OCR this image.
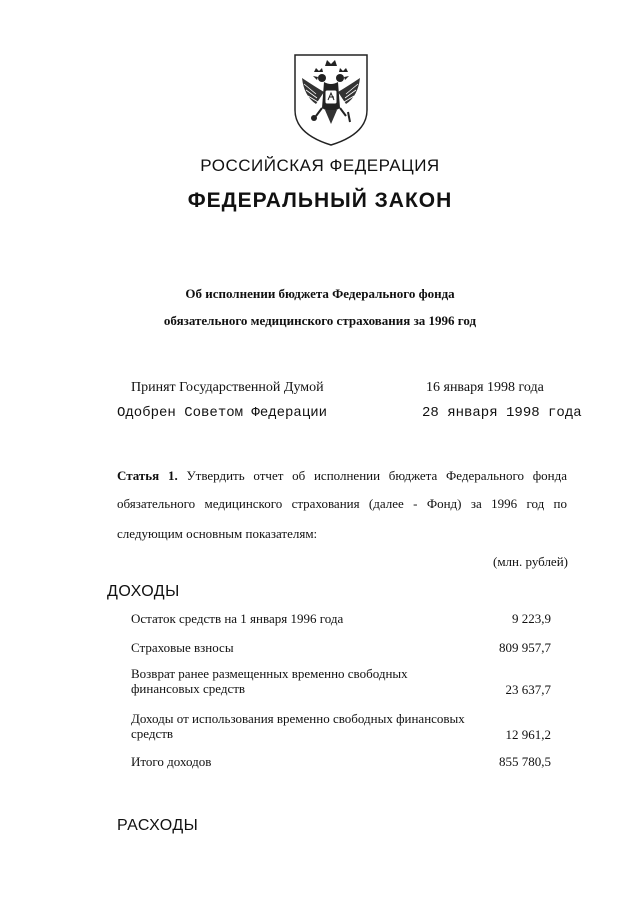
РОССИЙСКАЯ ФЕДЕРАЦИЯ
ФЕДЕРАЛЬНЫЙ ЗАКОН
Об исполнении бюджета Федерального фонда
обязательного медицинского страхования за 1996 год
Принят Государственной Думой	16 января 1998 года
Одобрен Советом Федерации	28 января 1998 года
Статья 1. Утвердить отчет об исполнении бюджета Федерального фонда
обязательного медицинского страхования (далее - Фонд) за 1996 год по
следующим основным показателям:
(млн. рублей)
ДОХОДЫ
Остаток средств на 1 января 1996 года	9 223,9
Страховые взносы	809 957,7
Возврат ранее размещенных временно свободных финансовых средств	23 637,7
Доходы от использования временно свободных финансовых средств	12 961,2
Итого доходов	855 780,5
РАСХОДЫ
